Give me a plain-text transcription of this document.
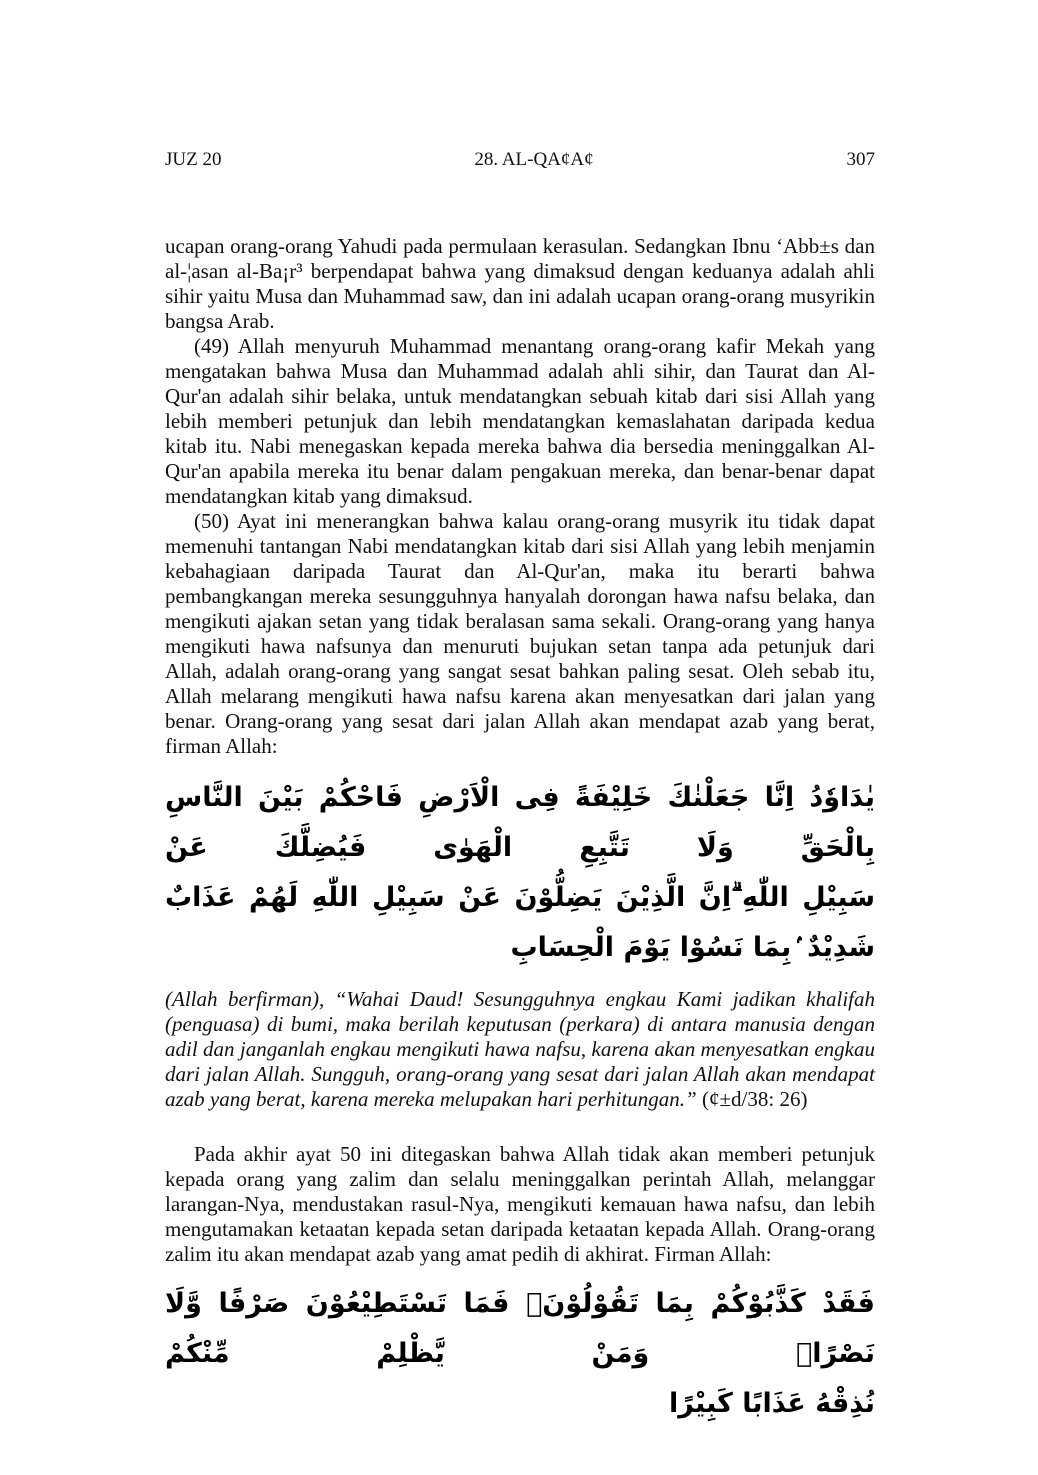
JUZ 20	28. AL-QA¢A¢	307

ucapan orang-orang Yahudi pada permulaan kerasulan. Sedangkan Ibnu ‘Abb±s dan al-¦asan al-Ba¡r³ berpendapat bahwa yang dimaksud dengan keduanya adalah ahli sihir yaitu Musa dan Muhammad saw, dan ini adalah ucapan orang-orang musyrikin bangsa Arab.

(49) Allah menyuruh Muhammad menantang orang-orang kafir Mekah yang mengatakan bahwa Musa dan Muhammad adalah ahli sihir, dan Taurat dan Al-Qur'an adalah sihir belaka, untuk mendatangkan sebuah kitab dari sisi Allah yang lebih memberi petunjuk dan lebih mendatangkan kemaslahatan daripada kedua kitab itu. Nabi menegaskan kepada mereka bahwa dia bersedia meninggalkan Al-Qur'an apabila mereka itu benar dalam pengakuan mereka, dan benar-benar dapat mendatangkan kitab yang dimaksud.

(50) Ayat ini menerangkan bahwa kalau orang-orang musyrik itu tidak dapat memenuhi tantangan Nabi mendatangkan kitab dari sisi Allah yang lebih menjamin kebahagiaan daripada Taurat dan Al-Qur'an, maka itu berarti bahwa pembangkangan mereka sesungguhnya hanyalah dorongan hawa nafsu belaka, dan mengikuti ajakan setan yang tidak beralasan sama sekali. Orang-orang yang hanya mengikuti hawa nafsunya dan menuruti bujukan setan tanpa ada petunjuk dari Allah, adalah orang-orang yang sangat sesat bahkan paling sesat. Oleh sebab itu, Allah melarang mengikuti hawa nafsu karena akan menyesatkan dari jalan yang benar. Orang-orang yang sesat dari jalan Allah akan mendapat azab yang berat, firman Allah:

يٰدَاوٗدُ اِنَّا جَعَلْنٰكَ خَلِيْفَةً فِى الْاَرْضِ فَاحْكُمْ بَيْنَ النَّاسِ بِالْحَقِّ وَلَا تَتَّبِعِ الْهَوٰى فَيُضِلَّكَ عَنْ
سَبِيْلِ اللّٰهِ ۗاِنَّ الَّذِيْنَ يَضِلُّوْنَ عَنْ سَبِيْلِ اللّٰهِ لَهُمْ عَذَابٌ شَدِيْدٌ ۢبِمَا نَسُوْا يَوْمَ الْحِسَابِ
(Allah berfirman), “Wahai Daud! Sesungguhnya engkau Kami jadikan khalifah (penguasa) di bumi, maka berilah keputusan (perkara) di antara manusia dengan adil dan janganlah engkau mengikuti hawa nafsu, karena akan menyesatkan engkau dari jalan Allah. Sungguh, orang-orang yang sesat dari jalan Allah akan mendapat azab yang berat, karena mereka melupakan hari perhitungan.” (¢±d/38: 26)

Pada akhir ayat 50 ini ditegaskan bahwa Allah tidak akan memberi petunjuk kepada orang yang zalim dan selalu meninggalkan perintah Allah, melanggar larangan-Nya, mendustakan rasul-Nya, mengikuti kemauan hawa nafsu, dan lebih mengutamakan ketaatan kepada setan daripada ketaatan kepada Allah. Orang-orang zalim itu akan mendapat azab yang amat pedih di akhirat. Firman Allah:

فَقَدْ كَذَّبُوْكُمْ بِمَا تَقُوْلُوْنَۙ فَمَا تَسْتَطِيْعُوْنَ صَرْفًا وَّلَا نَصْرًاۚ وَمَنْ يَّظْلِمْ مِّنْكُمْ
نُذِقْهُ عَذَابًا كَبِيْرًا
